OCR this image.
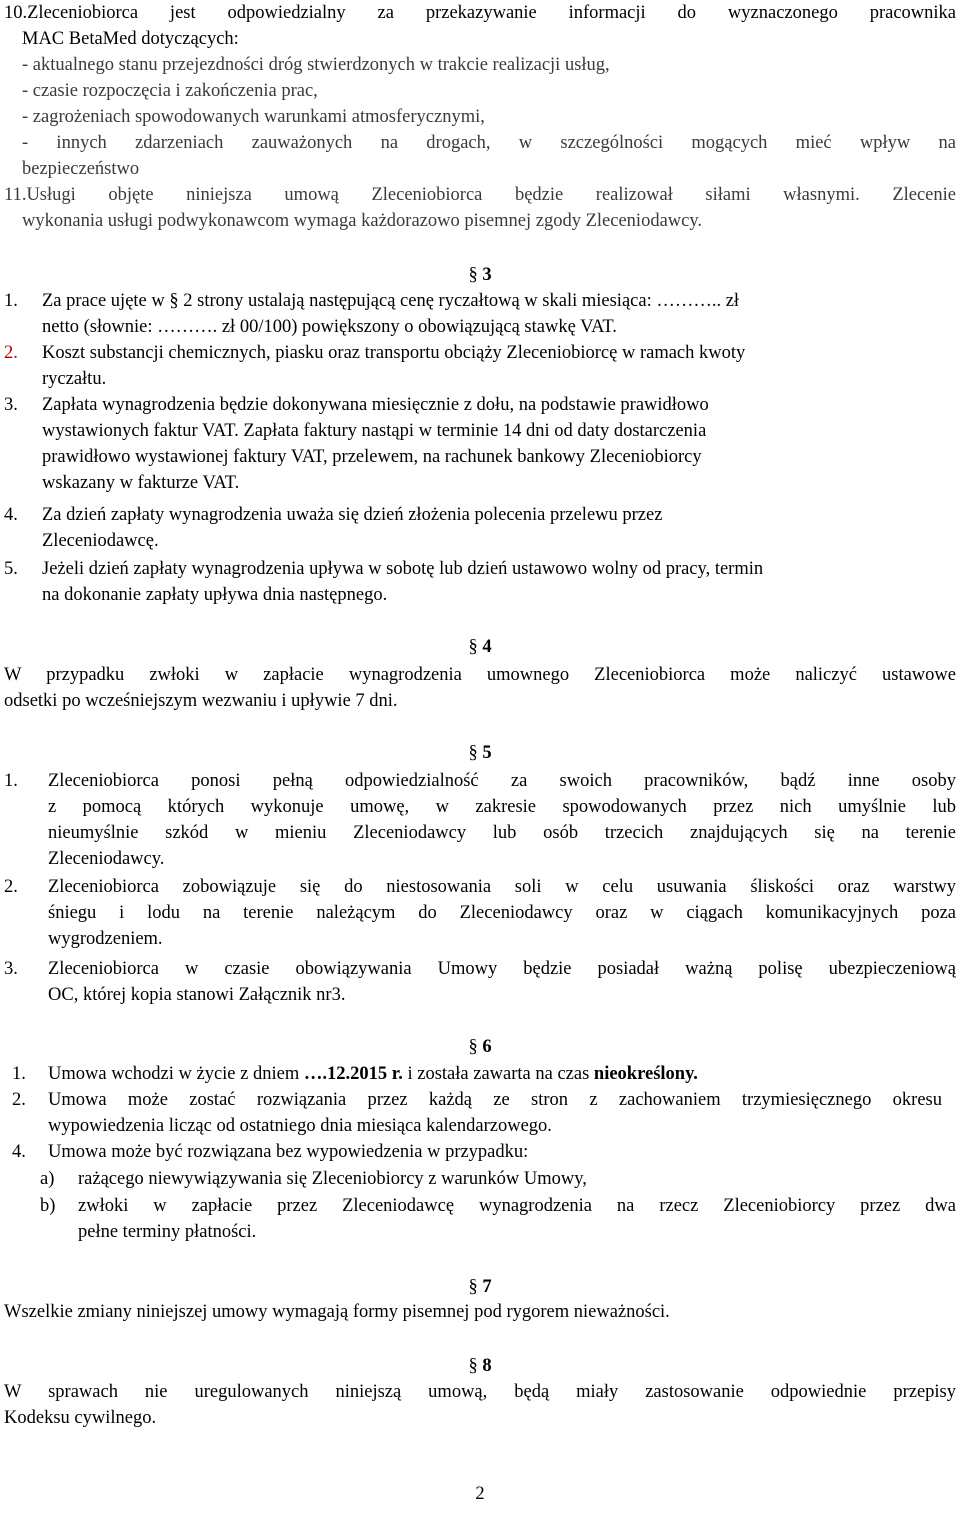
10.Zleceniobiorca jest odpowiedzialny za przekazywanie informacji do wyznaczonego pracownika
MAC BetaMed dotyczących:
- aktualnego stanu przejezdności dróg stwierdzonych w trakcie realizacji usług,
- czasie rozpoczęcia i zakończenia prac,
- zagrożeniach spowodowanych warunkami atmosferycznymi,
- innych zdarzeniach zauważonych na drogach, w szczególności mogących mieć wpływ na
bezpieczeństwo
11.Usługi objęte niniejsza umową Zleceniobiorca będzie realizował siłami własnymi. Zlecenie
wykonania usługi podwykonawcom wymaga każdorazowo pisemnej zgody Zleceniodawcy.
§ 3
1. Za prace ujęte w § 2 strony ustalają następującą cenę ryczałtową w skali miesiąca: ……….. zł
netto (słownie: ………. zł 00/100) powiększony o obowiązującą stawkę VAT.
2. Koszt substancji chemicznych, piasku oraz transportu obciąży Zleceniobiorcę w ramach kwoty
ryczałtu.
3. Zapłata wynagrodzenia będzie dokonywana miesięcznie z dołu, na podstawie prawidłowo
wystawionych faktur VAT. Zapłata faktury nastąpi w terminie 14 dni od daty dostarczenia
prawidłowo wystawionej faktury VAT, przelewem, na rachunek bankowy Zleceniobiorcy
wskazany w fakturze VAT.
4. Za dzień zapłaty wynagrodzenia uważa się dzień złożenia polecenia przelewu przez
Zleceniodawcę.
5. Jeżeli dzień zapłaty wynagrodzenia upływa w sobotę lub dzień ustawowo wolny od pracy, termin
na dokonanie zapłaty upływa dnia następnego.
§ 4
W przypadku zwłoki w zapłacie wynagrodzenia umownego Zleceniobiorca może naliczyć ustawowe
odsetki po wcześniejszym wezwaniu i upływie 7 dni.
§ 5
1. Zleceniobiorca ponosi pełną odpowiedzialność za swoich pracowników, bądź inne osoby
z pomocą których wykonuje umowę, w zakresie spowodowanych przez nich umyślnie lub
nieumyślnie szkód w mieniu Zleceniodawcy lub osób trzecich znajdujących się na terenie
Zleceniodawcy.
2. Zleceniobiorca zobowiązuje się do niestosowania soli w celu usuwania śliskości oraz warstwy
śniegu i lodu na terenie należącym do Zleceniodawcy oraz w ciągach komunikacyjnych poza
wygrodzeniem.
3. Zleceniobiorca w czasie obowiązywania Umowy będzie posiadał ważną polisę ubezpieczeniową
OC, której kopia stanowi Załącznik nr3.
§ 6
1. Umowa wchodzi w życie z dniem ….12.2015 r. i została zawarta na czas nieokreślony.
2. Umowa może zostać rozwiązania przez każdą ze stron z zachowaniem trzymiesięcznego okresu
wypowiedzenia licząc od ostatniego dnia miesiąca kalendarzowego.
4. Umowa może być rozwiązana bez wypowiedzenia w przypadku:
a) rażącego niewywiązywania się Zleceniobiorcy z warunków Umowy,
b) zwłoki w zapłacie przez Zleceniodawcę wynagrodzenia na rzecz Zleceniobiorcy przez dwa
pełne terminy płatności.
§ 7
Wszelkie zmiany niniejszej umowy wymagają formy pisemnej pod rygorem nieważności.
§ 8
W sprawach nie uregulowanych niniejszą umową, będą miały zastosowanie odpowiednie przepisy
Kodeksu cywilnego.
2
